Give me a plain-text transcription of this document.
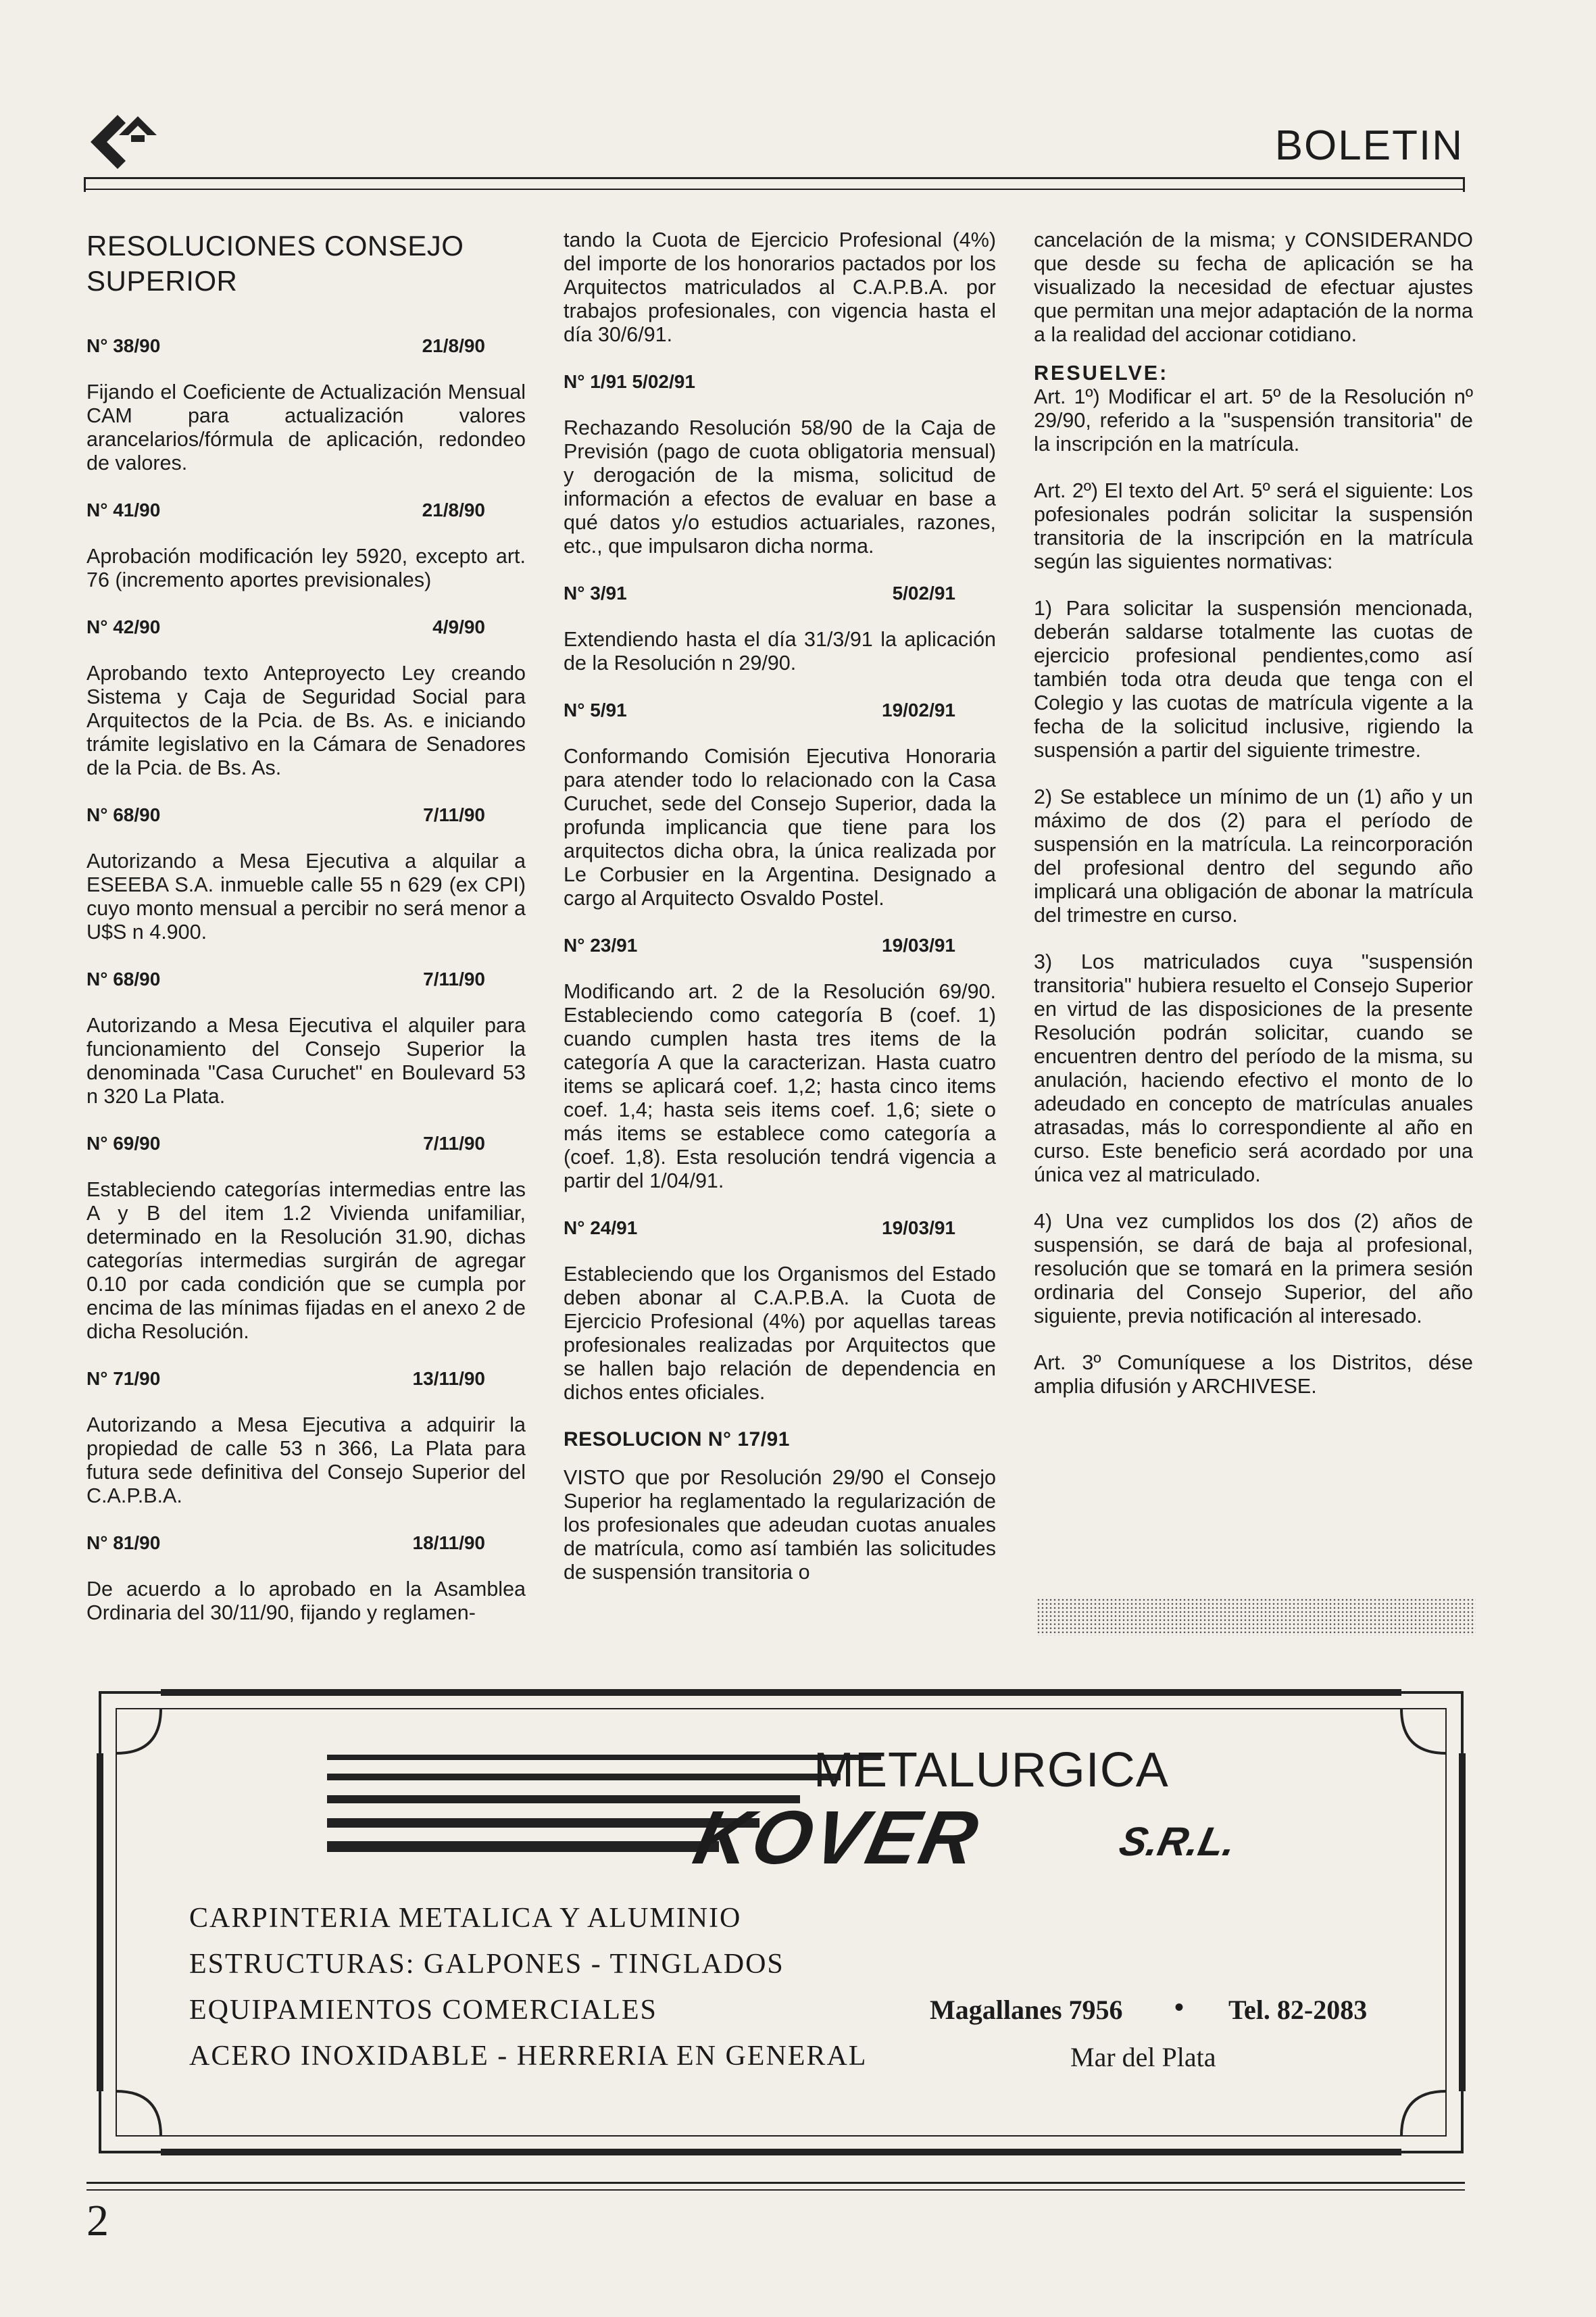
BOLETIN
RESOLUCIONES CONSEJO SUPERIOR
N° 38/90	21/8/90

Fijando el Coeficiente de Actualización Mensual CAM para actualización valores arancelarios/fórmula de aplicación, redondeo de valores.

N° 41/90	21/8/90

Aprobación modificación ley 5920, excepto art. 76 (incremento aportes previsionales)

N° 42/90	4/9/90

Aprobando texto Anteproyecto Ley creando Sistema y Caja de Seguridad Social para Arquitectos de la Pcia. de Bs. As. e iniciando trámite legislativo en la Cámara de Senadores de la Pcia. de Bs. As.

N° 68/90	7/11/90

Autorizando a Mesa Ejecutiva a alquilar a ESEEBA S.A. inmueble calle 55 n 629 (ex CPI) cuyo monto mensual a percibir no será menor a U$S n 4.900.

N° 68/90	7/11/90

Autorizando a Mesa Ejecutiva el alquiler para funcionamiento del Consejo Superior la denominada "Casa Curuchet" en Boulevard 53 n 320 La Plata.

N° 69/90	7/11/90

Estableciendo categorías intermedias entre las A y B del item 1.2 Vivienda unifamiliar, determinado en la Resolución 31.90, dichas categorías intermedias surgirán de agregar 0.10 por cada condición que se cumpla por encima de las mínimas fijadas en el anexo 2 de dicha Resolución.

N° 71/90	13/11/90

Autorizando a Mesa Ejecutiva a adquirir la propiedad de calle 53 n 366, La Plata para futura sede definitiva del Consejo Superior del C.A.P.B.A.

N° 81/90	18/11/90

De acuerdo a lo aprobado en la Asamblea Ordinaria del 30/11/90, fijando y reglamen-

tando la Cuota de Ejercicio Profesional (4%) del importe de los honorarios pactados por los Arquitectos matriculados al C.A.P.B.A. por trabajos profesionales, con vigencia hasta el día 30/6/91.

N° 1/91 5/02/91

Rechazando Resolución 58/90 de la Caja de Previsión (pago de cuota obligatoria mensual) y derogación de la misma, solicitud de información a efectos de evaluar en base a qué datos y/o estudios actuariales, razones, etc., que impulsaron dicha norma.

N° 3/91	5/02/91

Extendiendo hasta el día 31/3/91 la aplicación de la Resolución n 29/90.

N° 5/91	19/02/91

Conformando Comisión Ejecutiva Honoraria para atender todo lo relacionado con la Casa Curuchet, sede del Consejo Superior, dada la profunda implicancia que tiene para los arquitectos dicha obra, la única realizada por Le Corbusier en la Argentina. Designado a cargo al Arquitecto Osvaldo Postel.

N° 23/91	19/03/91

Modificando art. 2 de la Resolución 69/90. Estableciendo como categoría B (coef. 1) cuando cumplen hasta tres items de la categoría A que la caracterizan. Hasta cuatro items se aplicará coef. 1,2; hasta cinco items coef. 1,4; hasta seis items coef. 1,6; siete o más items se establece como categoría a (coef. 1,8). Esta resolución tendrá vigencia a partir del 1/04/91.

N° 24/91	19/03/91

Estableciendo que los Organismos del Estado deben abonar al C.A.P.B.A. la Cuota de Ejercicio Profesional (4%) por aquellas tareas profesionales realizadas por Arquitectos que se hallen bajo relación de dependencia en dichos entes oficiales.

RESOLUCION N° 17/91

VISTO que por Resolución 29/90 el Consejo Superior ha reglamentado la regularización de los profesionales que adeudan cuotas anuales de matrícula, como así también las solicitudes de suspensión transitoria o

cancelación de la misma; y CONSIDERANDO que desde su fecha de aplicación se ha visualizado la necesidad de efectuar ajustes que permitan una mejor adaptación de la norma a la realidad del accionar cotidiano.

RESUELVE:

Art. 1º) Modificar el art. 5º de la Resolución nº 29/90, referido a la "suspensión transitoria" de la inscripción en la matrícula.

Art. 2º) El texto del Art. 5º será el siguiente: Los pofesionales podrán solicitar la suspensión transitoria de la inscripción en la matrícula según las siguientes normativas:

1) Para solicitar la suspensión mencionada, deberán saldarse totalmente las cuotas de ejercicio profesional pendientes,como así también toda otra deuda que tenga con el Colegio y las cuotas de matrícula vigente a la fecha de la solicitud inclusive, rigiendo la suspensión a partir del siguiente trimestre.

2) Se establece un mínimo de un (1) año y un máximo de dos (2) para el período de suspensión en la matrícula. La reincorporación del profesional dentro del segundo año implicará una obligación de abonar la matrícula del trimestre en curso.

3) Los matriculados cuya "suspensión transitoria" hubiera resuelto el Consejo Superior en virtud de las disposiciones de la presente Resolución podrán solicitar, cuando se encuentren dentro del período de la misma, su anulación, haciendo efectivo el monto de lo adeudado en concepto de matrículas anuales atrasadas, más lo correspondiente al año en curso. Este beneficio será acordado por una única vez al matriculado.

4) Una vez cumplidos los dos (2) años de suspensión, se dará de baja al profesional, resolución que se tomará en la primera sesión ordinaria del Consejo Superior, del año siguiente, previa notificación al interesado.

Art. 3º Comuníquese a los Distritos, dése amplia difusión y ARCHIVESE.

METALURGICA
KOVER	S.R.L.
CARPINTERIA METALICA Y ALUMINIO
ESTRUCTURAS: GALPONES - TINGLADOS
EQUIPAMIENTOS COMERCIALES
ACERO INOXIDABLE - HERRERIA EN GENERAL
Magallanes 7956 • Tel. 82-2083
Mar del Plata
2
